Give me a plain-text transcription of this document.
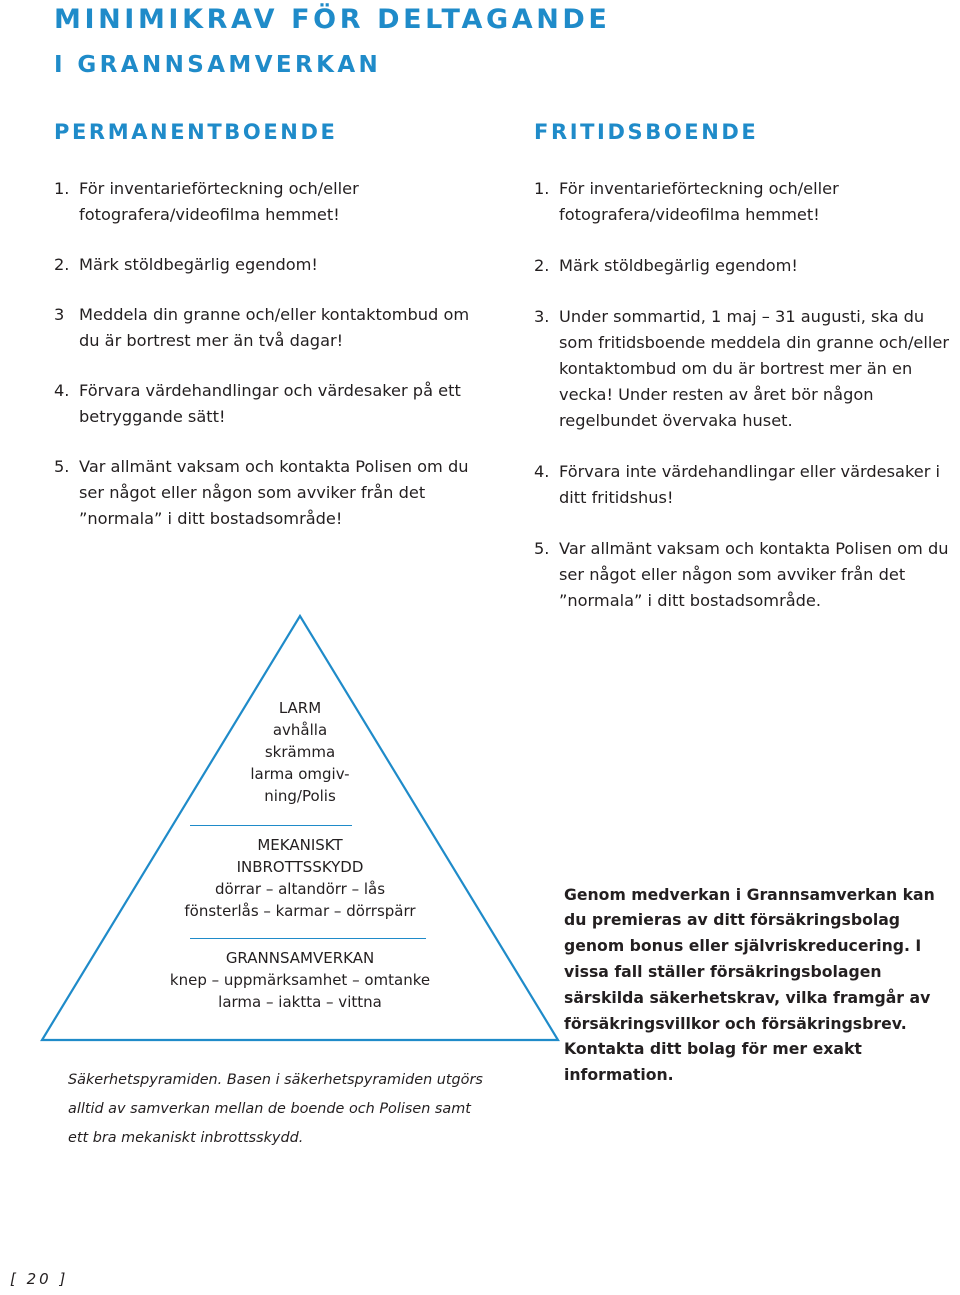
MINIMIKRAV FÖR DELTAGANDE
I GRANNSAMVERKAN
PERMANENTBOENDE
1. För inventarieförteckning och/eller fotografera/videofilma hemmet!
2. Märk stöldbegärlig egendom!
3 Meddela din granne och/eller kontaktombud om du är bortrest mer än två dagar!
4. Förvara värdehandlingar och värdesaker på ett betryggande sätt!
5. Var allmänt vaksam och kontakta Polisen om du ser något eller någon som avviker från det ”normala” i ditt bostadsområde!
FRITIDSBOENDE
1. För inventarieförteckning och/eller fotografera/videofilma hemmet!
2. Märk stöldbegärlig egendom!
3. Under sommartid, 1 maj – 31 augusti, ska du som fritidsboende meddela din granne och/eller kontaktombud om du är bortrest mer än en vecka! Under resten av året bör någon regelbundet övervaka huset.
4. Förvara inte värdehandlingar eller värdesaker i ditt fritidshus!
5. Var allmänt vaksam och kontakta Polisen om du ser något eller någon som avviker från det ”normala” i ditt bostadsområde.
LARM
avhålla
skrämma
larma omgiv-
ning/Polis
MEKANISKT
INBROTTSSKYDD
dörrar – altandörr – lås
fönsterlås – karmar – dörrspärr
GRANNSAMVERKAN
knep – uppmärksamhet – omtanke
larma – iaktta – vittna

Säkerhetspyramiden. Basen i säkerhetspyramiden utgörs alltid av samverkan mellan de boende och Polisen samt ett bra mekaniskt inbrottsskydd.

Genom medverkan i Grannsamverkan kan du premieras av ditt försäkringsbolag genom bonus eller självriskreducering. I vissa fall ställer försäkringsbolagen särskilda säkerhetskrav, vilka framgår av försäkringsvillkor och försäkringsbrev. Kontakta ditt bolag för mer exakt information.

[ 20 ]
